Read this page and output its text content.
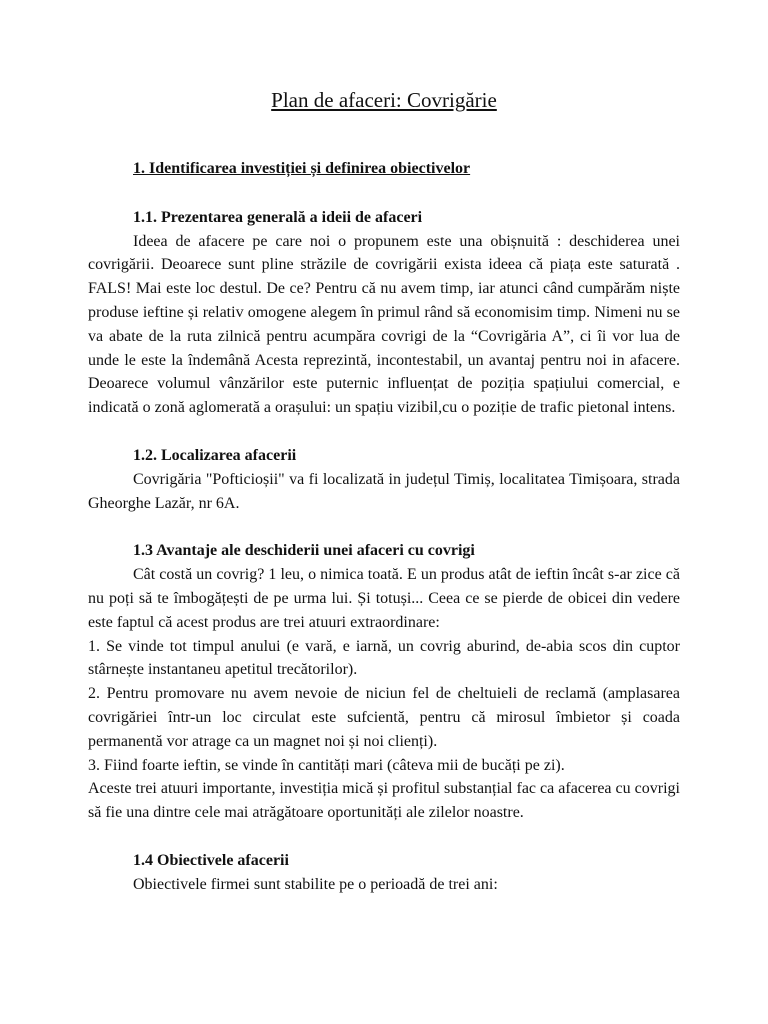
Plan de afaceri: Covrigărie
1. Identificarea investiției și definirea obiectivelor
1.1. Prezentarea generală a ideii de afaceri

Ideea de afacere pe care noi o propunem este una obișnuită : deschiderea unei covrigării. Deoarece sunt pline străzile de covrigării exista ideea că piața este saturată . FALS! Mai este loc destul. De ce? Pentru că nu avem timp, iar atunci când cumpărăm niște produse ieftine și relativ omogene alegem în primul rând să economisim timp. Nimeni nu se va abate de la ruta zilnică pentru acumpăra covrigi de la “Covrigăria A”, ci îi vor lua de unde le este la îndemână Acesta reprezintă, incontestabil, un avantaj pentru noi in afacere. Deoarece volumul vânzărilor este puternic influențat de poziția spațiului comercial, e indicată o zonă aglomerată a orașului: un spațiu vizibil,cu o poziție de trafic pietonal intens.

1.2. Localizarea afacerii

Covrigăria "Pofticioșii" va fi localizată in județul Timiș, localitatea Timișoara, strada Gheorghe Lazăr, nr 6A.

1.3 Avantaje ale deschiderii unei afaceri cu covrigi

Cât costă un covrig? 1 leu, o nimica toată. E un produs atât de ieftin încât s-ar zice că nu poți să te îmbogățești de pe urma lui. Și totuși... Ceea ce se pierde de obicei din vedere este faptul că acest produs are trei atuuri extraordinare:

1. Se vinde tot timpul anului (e vară, e iarnă, un covrig aburind, de-abia scos din cuptor stârnește instantaneu apetitul trecătorilor).

2. Pentru promovare nu avem nevoie de niciun fel de cheltuieli de reclamă (amplasarea covrigăriei într-un loc circulat este sufcientă, pentru că mirosul îmbietor și coada permanentă vor atrage ca un magnet noi și noi clienți).

3. Fiind foarte ieftin, se vinde în cantități mari (câteva mii de bucăți pe zi).

Aceste trei atuuri importante, investiția mică și profitul substanțial fac ca afacerea cu covrigi să fie una dintre cele mai atrăgătoare oportunități ale zilelor noastre.

1.4 Obiectivele afacerii

Obiectivele firmei sunt stabilite pe o perioadă de trei ani:
